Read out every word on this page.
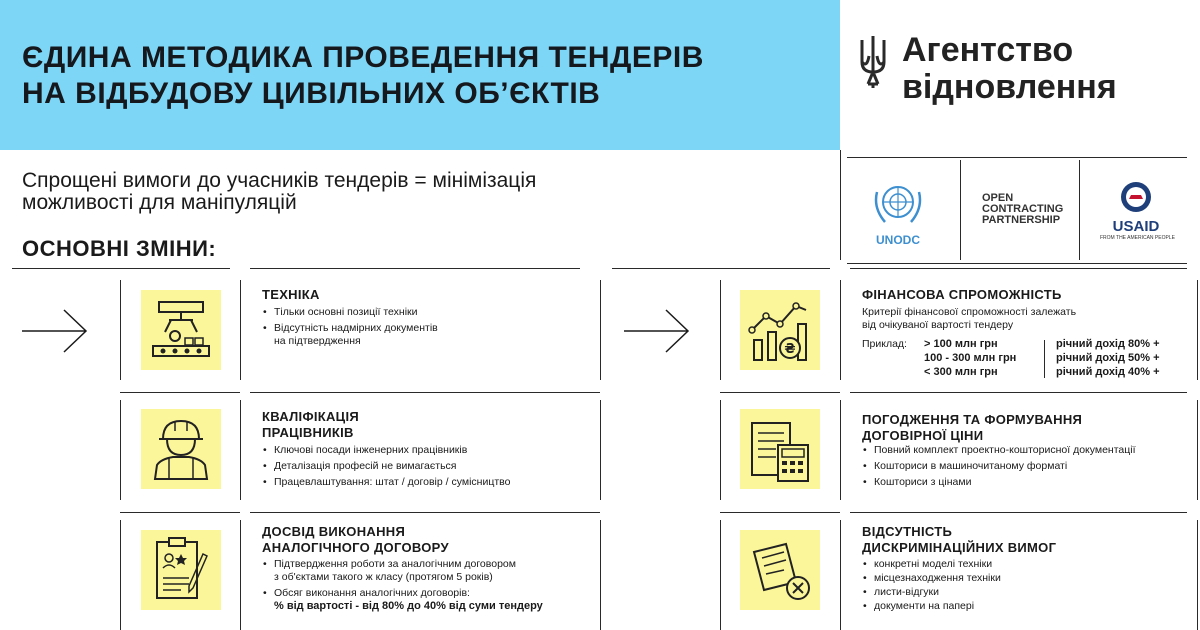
ЄДИНА МЕТОДИКА ПРОВЕДЕННЯ ТЕНДЕРІВ
НА ВІДБУДОВУ ЦИВІЛЬНИХ ОБ’ЄКТІВ
Агентство
відновлення
UNODC
OPEN
CONTRACTING
PARTNERSHIP	USAID
FROM THE AMERICAN PEOPLE
Спрощені вимоги до учасників тендерів = мінімізація
можливості для маніпуляцій
ОСНОВНІ ЗМІНИ:
₴
ТЕХНІКА
• Тільки основні позиції техніки
• Відсутність надмірних документів
на підтвердження
КВАЛІФІКАЦІЯ
ПРАЦІВНИКІВ
• Ключові посади інженерних працівників
• Деталізація професій не вимагається
• Працевлаштування: штат / договір / сумісництво
ДОСВІД ВИКОНАННЯ
АНАЛОГІЧНОГО ДОГОВОРУ
• Підтвердження роботи за аналогічним договором
з об'єктами такого ж класу (протягом 5 років)
• Обсяг виконання аналогічних договорів:
% від вартості - від 80% до 40% від суми тендеру
ФІНАНСОВА СПРОМОЖНІСТЬ
Критерії фінансової спроможності залежать
від очікуваної вартості тендеру
Приклад: > 100 млн грн
100 - 300 млн грн
< 300 млн грн
річний дохід 80% +
річний дохід 50% +
річний дохід 40% +
ПОГОДЖЕННЯ ТА ФОРМУВАННЯ
ДОГОВІРНОЇ ЦІНИ
• Повний комплект проектно-кошторисної документації
• Кошториси в машиночитаному форматі
• Кошториси з цінами
ВІДСУТНІСТЬ
ДИСКРИМІНАЦІЙНИХ ВИМОГ
• конкретні моделі техніки
• місцезнаходження техніки
• листи-відгуки
• документи на папері
